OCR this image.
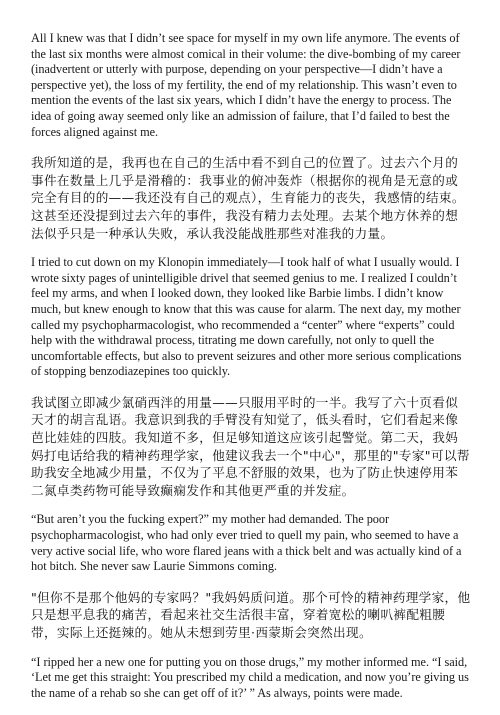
All I knew was that I didn’t see space for myself in my own life anymore. The events of the last six months were almost comical in their volume: the dive-bombing of my career (inadvertent or utterly with purpose, depending on your perspective—I didn’t have a perspective yet), the loss of my fertility, the end of my relationship. This wasn’t even to mention the events of the last six years, which I didn’t have the energy to process. The idea of going away seemed only like an admission of failure, that I’d failed to best the forces aligned against me.

我所知道的是，我再也在自己的生活中看不到自己的位置了。过去六个月的事件在数量上几乎是滑稽的：我事业的俯冲轰炸（根据你的视角是无意的或完全有目的的——我还没有自己的观点），生育能力的丧失，我感情的结束。这甚至还没提到过去六年的事件，我没有精力去处理。去某个地方休养的想法似乎只是一种承认失败，承认我没能战胜那些对准我的力量。

I tried to cut down on my Klonopin immediately—I took half of what I usually would. I wrote sixty pages of unintelligible drivel that seemed genius to me. I realized I couldn’t feel my arms, and when I looked down, they looked like Barbie limbs. I didn’t know much, but knew enough to know that this was cause for alarm. The next day, my mother called my psychopharmacologist, who recommended a “center” where “experts” could help with the withdrawal process, titrating me down carefully, not only to quell the uncomfortable effects, but also to prevent seizures and other more serious complications of stopping benzodiazepines too quickly.

我试图立即减少氯硝西泮的用量——只服用平时的一半。我写了六十页看似天才的胡言乱语。我意识到我的手臂没有知觉了，低头看时，它们看起来像芭比娃娃的四肢。我知道不多，但足够知道这应该引起警觉。第二天，我妈妈打电话给我的精神药理学家，他建议我去一个"中心"，那里的"专家"可以帮助我安全地减少用量，不仅为了平息不舒服的效果，也为了防止快速停用苯二氮卓类药物可能导致癫痫发作和其他更严重的并发症。

“But aren’t you the fucking expert?” my mother had demanded. The poor psychopharmacologist, who had only ever tried to quell my pain, who seemed to have a very active social life, who wore flared jeans with a thick belt and was actually kind of a hot bitch. She never saw Laurie Simmons coming.

"但你不是那个他妈的专家吗？"我妈妈质问道。那个可怜的精神药理学家，他只是想平息我的痛苦，看起来社交生活很丰富，穿着宽松的喇叭裤配粗腰带，实际上还挺辣的。她从未想到劳里·西蒙斯会突然出现。

“I ripped her a new one for putting you on those drugs,” my mother informed me. “I said, ‘Let me get this straight: You prescribed my child a medication, and now you’re giving us the name of a rehab so she can get off of it?’ ” As always, points were made.
